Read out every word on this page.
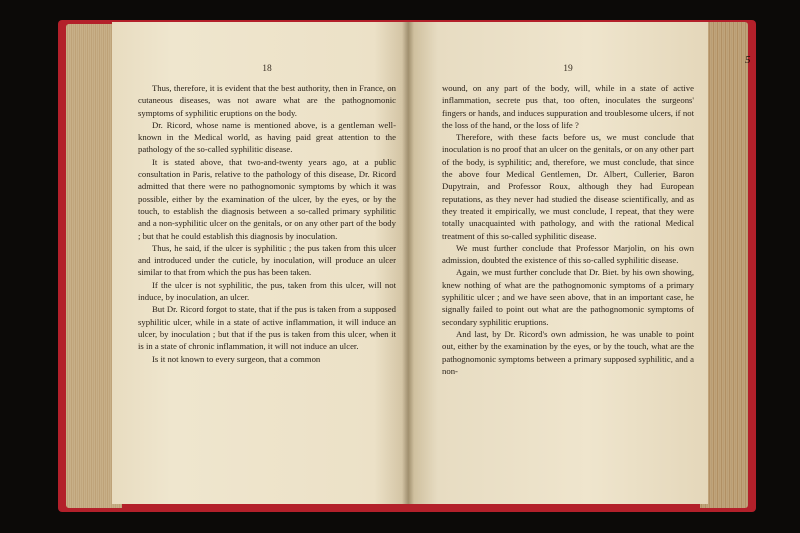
18

Thus, therefore, it is evident that the best authority, then in France, on cutaneous diseases, was not aware what are the pathognomonic symptoms of syphilitic eruptions on the body.

Dr. Ricord, whose name is mentioned above, is a gentleman well-known in the Medical world, as having paid great attention to the pathology of the so-called syphilitic disease.

It is stated above, that two-and-twenty years ago, at a public consultation in Paris, relative to the pathology of this disease, Dr. Ricord admitted that there were no pathognomonic symptoms by which it was possible, either by the examination of the ulcer, by the eyes, or by the touch, to establish the diagnosis between a so-called primary syphilitic and a non-syphilitic ulcer on the genitals, or on any other part of the body ; but that he could establish this diagnosis by inoculation.

Thus, he said, if the ulcer is syphilitic ; the pus taken from this ulcer and introduced under the cuticle, by inoculation, will produce an ulcer similar to that from which the pus has been taken.

If the ulcer is not syphilitic, the pus, taken from this ulcer, will not induce, by inoculation, an ulcer.

But Dr. Ricord forgot to state, that if the pus is taken from a supposed syphilitic ulcer, while in a state of active inflammation, it will induce an ulcer, by inoculation ; but that if the pus is taken from this ulcer, when it is in a state of chronic inflammation, it will not induce an ulcer.

Is it not known to every surgeon, that a common

19

wound, on any part of the body, will, while in a state of active inflammation, secrete pus that, too often, inoculates the surgeons' fingers or hands, and induces suppuration and troublesome ulcers, if not the loss of the hand, or the loss of life ?

Therefore, with these facts before us, we must conclude that inoculation is no proof that an ulcer on the genitals, or on any other part of the body, is syphilitic; and, therefore, we must conclude, that since the above four Medical Gentlemen, Dr. Albert, Cullerier, Baron Dupytrain, and Professor Roux, although they had European reputations, as they never had studied the disease scientifically, and as they treated it empirically, we must conclude, I repeat, that they were totally unacquainted with pathology, and with the rational Medical treatment of this so-called syphilitic disease.

We must further conclude that Professor Marjolin, on his own admission, doubted the existence of this so-called syphilitic disease.

Again, we must further conclude that Dr. Biet. by his own showing, knew nothing of what are the pathognomonic symptoms of a primary syphilitic ulcer ; and we have seen above, that in an important case, he signally failed to point out what are the pathognomonic symptoms of secondary syphilitic eruptions.

And last, by Dr. Ricord's own admission, he was unable to point out, either by the examination by the eyes, or by the touch, what are the pathognomonic symptoms between a primary supposed syphilitic, and a non-

5
